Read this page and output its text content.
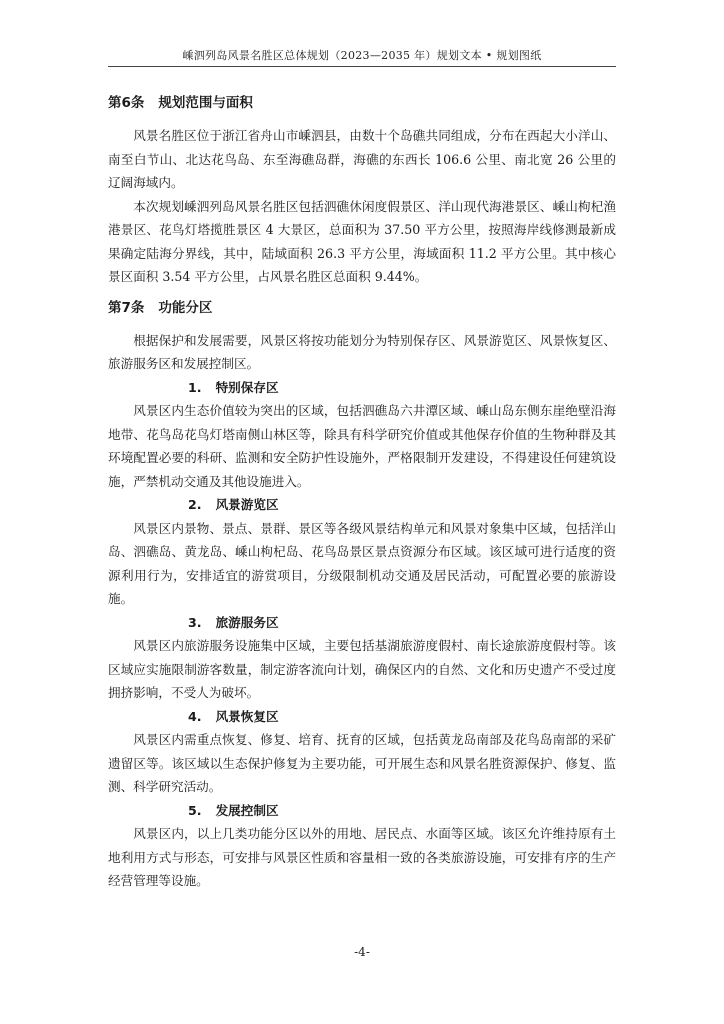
嵊泗列岛风景名胜区总体规划（2023—2035 年）规划文本 • 规划图纸
第6条 规划范围与面积

风景名胜区位于浙江省舟山市嵊泗县，由数十个岛礁共同组成，分布在西起大小洋山、南至白节山、北达花鸟岛、东至海礁岛群，海礁的东西长 106.6 公里、南北宽 26 公里的辽阔海域内。

本次规划嵊泗列岛风景名胜区包括泗礁休闲度假景区、洋山现代海港景区、嵊山枸杞渔港景区、花鸟灯塔揽胜景区 4 大景区，总面积为 37.50 平方公里，按照海岸线修测最新成果确定陆海分界线，其中，陆域面积 26.3 平方公里，海域面积 11.2 平方公里。其中核心景区面积 3.54 平方公里，占风景名胜区总面积 9.44%。

第7条 功能分区

根据保护和发展需要，风景区将按功能划分为特别保存区、风景游览区、风景恢复区、旅游服务区和发展控制区。

1. 特别保存区

风景区内生态价值较为突出的区域，包括泗礁岛六井潭区域、嵊山岛东侧东崖绝壁沿海地带、花鸟岛花鸟灯塔南侧山林区等，除具有科学研究价值或其他保存价值的生物种群及其环境配置必要的科研、监测和安全防护性设施外，严格限制开发建设，不得建设任何建筑设施，严禁机动交通及其他设施进入。

2. 风景游览区

风景区内景物、景点、景群、景区等各级风景结构单元和风景对象集中区域，包括洋山岛、泗礁岛、黄龙岛、嵊山枸杞岛、花鸟岛景区景点资源分布区域。该区域可进行适度的资源利用行为，安排适宜的游赏项目，分级限制机动交通及居民活动，可配置必要的旅游设施。

3. 旅游服务区

风景区内旅游服务设施集中区域，主要包括基湖旅游度假村、南长途旅游度假村等。该区域应实施限制游客数量，制定游客流向计划，确保区内的自然、文化和历史遗产不受过度拥挤影响，不受人为破坏。

4. 风景恢复区

风景区内需重点恢复、修复、培育、抚育的区域，包括黄龙岛南部及花鸟岛南部的采矿遗留区等。该区域以生态保护修复为主要功能，可开展生态和风景名胜资源保护、修复、监测、科学研究活动。

5. 发展控制区

风景区内，以上几类功能分区以外的用地、居民点、水面等区域。该区允许维持原有土地利用方式与形态，可安排与风景区性质和容量相一致的各类旅游设施，可安排有序的生产经营管理等设施。

-4-
